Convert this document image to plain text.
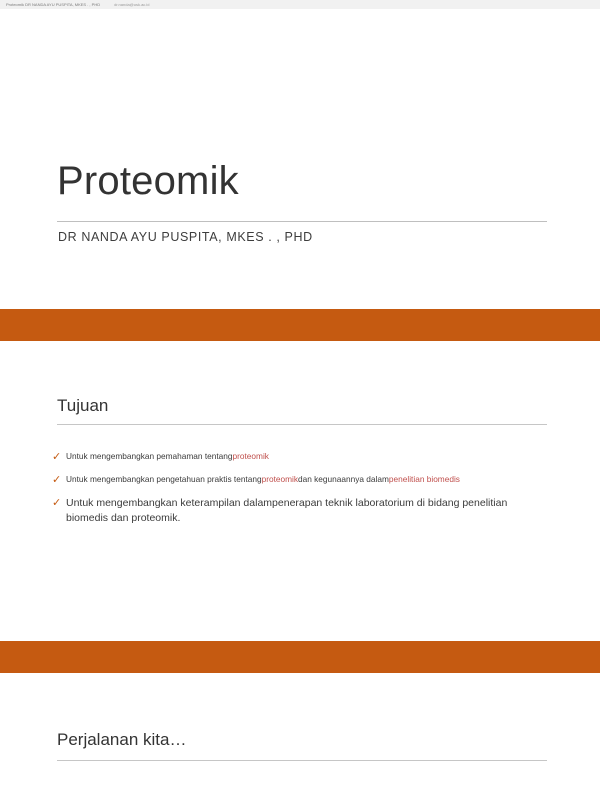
Proteomik DR NANDA AYU PUSPITA, MKES . , PHD	dr.nanda@usk.ac.id
Proteomik
DR NANDA AYU PUSPITA, MKES . , PHD
Tujuan
✓ Untuk mengembangkan pemahaman tentangproteomik
✓ Untuk mengembangkan pengetahuan praktis tentangproteomikdan kegunaannya dalampenelitian biomedis
✓ Untuk mengembangkan keterampilan dalampenerapan teknik laboratorium di bidang penelitian biomedis dan proteomik.
Perjalanan kita…
